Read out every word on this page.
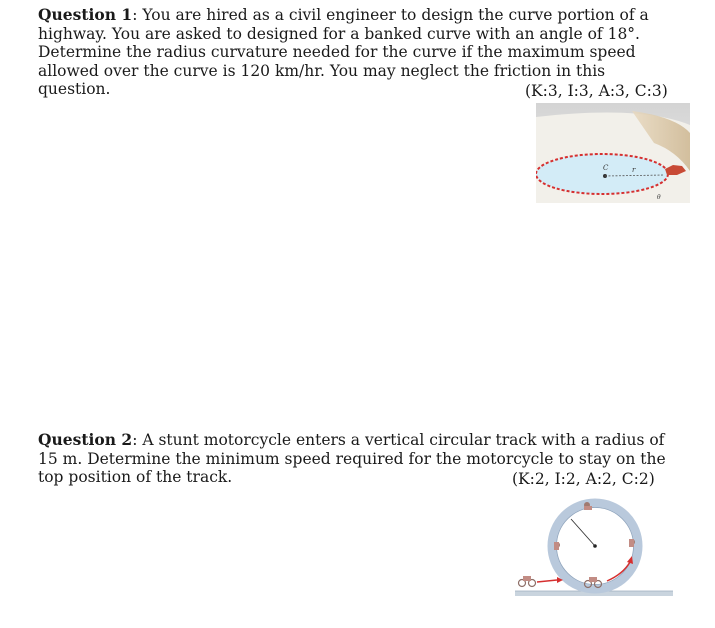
Question 1: You are hired as a civil engineer to design the curve portion of a highway. You are asked to designed for a banked curve with an angle of 18°. Determine the radius curvature needed for the curve if the maximum speed allowed over the curve is 120 km/hr. You may neglect the friction in this question.	(K:3, I:3, A:3, C:3)
C	r
θ
Question 2: A stunt motorcycle enters a vertical circular track with a radius of 15 m. Determine the minimum speed required for the motorcycle to stay on the top position of the track.	(K:2, I:2, A:2, C:2)
